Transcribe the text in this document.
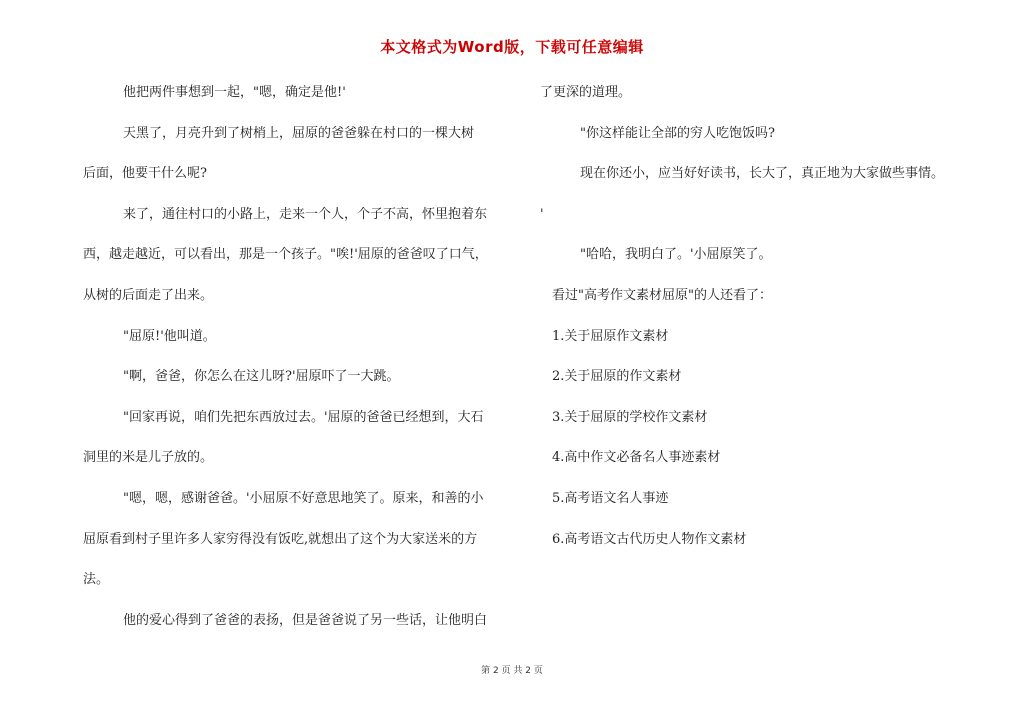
本文格式为Word版，下载可任意编辑
他把两件事想到一起，"嗯，确定是他!'
天黑了，月亮升到了树梢上，屈原的爸爸躲在村口的一棵大树
后面，他要干什么呢?
来了，通往村口的小路上，走来一个人，个子不高，怀里抱着东
西，越走越近，可以看出，那是一个孩子。"唉!'屈原的爸爸叹了口气，
从树的后面走了出来。
"屈原!'他叫道。
"啊，爸爸，你怎么在这儿呀?'屈原吓了一大跳。
"回家再说，咱们先把东西放过去。'屈原的爸爸已经想到，大石
洞里的米是儿子放的。
"嗯，嗯，感谢爸爸。'小屈原不好意思地笑了。原来，和善的小
屈原看到村子里许多人家穷得没有饭吃,就想出了这个为大家送米的方
法。
他的爱心得到了爸爸的表扬，但是爸爸说了另一些话，让他明白
了更深的道理。
"你这样能让全部的穷人吃饱饭吗?
现在你还小，应当好好读书，长大了，真正地为大家做些事情。
'
"哈哈，我明白了。'小屈原笑了。
看过"高考作文素材屈原"的人还看了：
1.关于屈原作文素材
2.关于屈原的作文素材
3.关于屈原的学校作文素材
4.高中作文必备名人事迹素材
5.高考语文名人事迹
6.高考语文古代历史人物作文素材
第 2 页 共 2 页
